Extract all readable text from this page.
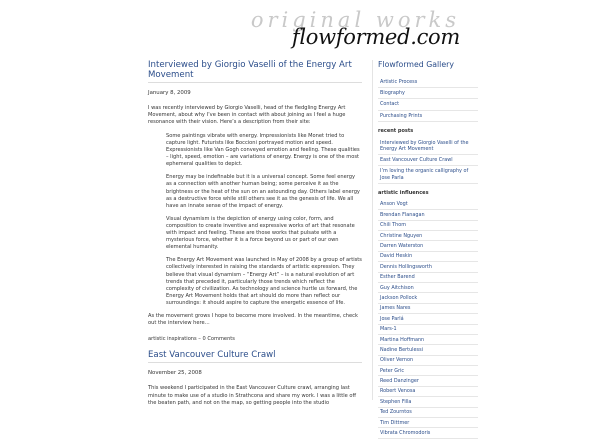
original works
flowformed.com
Interviewed by Giorgio Vaselli of the Energy Art Movement
January 8, 2009

I was recently interviewed by Giorgio Vaselli, head of the fledgling Energy Art Movement, about why I’ve been in contact with about joining as I feel a huge resonance with their vision. Here’s a description from their site:

Some paintings vibrate with energy. Impressionists like Monet tried to capture light. Futurists like Boccioni portrayed motion and speed. Expressionists like Van Gogh conveyed emotion and feeling. These qualities – light, speed, emotion – are variations of energy. Energy is one of the most ephemeral qualities to depict.

Energy may be indefinable but it is a universal concept. Some feel energy as a connection with another human being; some perceive it as the brightness or the heat of the sun on an astounding day. Others label energy as a destructive force while still others see it as the genesis of life. We all have an innate sense of the impact of energy.

Visual dynamism is the depiction of energy using color, form, and composition to create inventive and expressive works of art that resonate with impact and feeling. These are those works that pulsate with a mysterious force, whether it is a force beyond us or part of our own elemental humanity.

The Energy Art Movement was launched in May of 2008 by a group of artists collectively interested in raising the standards of artistic expression. They believe that visual dynamism – “Energy Art” – is a natural evolution of art trends that preceded it, particularly those trends which reflect the complexity of civilization. As technology and science hurtle us forward, the Energy Art Movement holds that art should do more than reflect our surroundings: it should aspire to capture the energetic essence of life.

As the movement grows I hope to become more involved. In the meantime, check out the interview here…

artistic inspirations – 0 Comments
East Vancouver Culture Crawl
November 25, 2008

This weekend I participated in the East Vancouver Culture crawl, arranging last minute to make use of a studio in Strathcona and share my work. I was a little off the beaten path, and not on the map, so getting people into the studio

Flowformed Gallery
Artistic Process
Biography
Contact
Purchasing Prints
recent posts
Interviewed by Giorgio Vaselli of the Energy Art Movement
East Vancouver Culture Crawl
I’m loving the organic calligraphy of Jose Parla
artistic influences
Anson Vogt
Brendan Flanagan
Chili Thom
Christine Nguyen
Darren Waterston
David Heskin
Dennis Hollingsworth
Esther Barend
Guy Aitchison
Jackson Pollock
James Nares
Jose Parlá
Mars-1
Martina Hoffmann
Nadine Bertulessi
Oliver Vernon
Peter Gric
Reed Danzinger
Robert Venosa
Stephen Filla
Ted Zourntos
Tim Dittmer
Vibrata Chromodoris
